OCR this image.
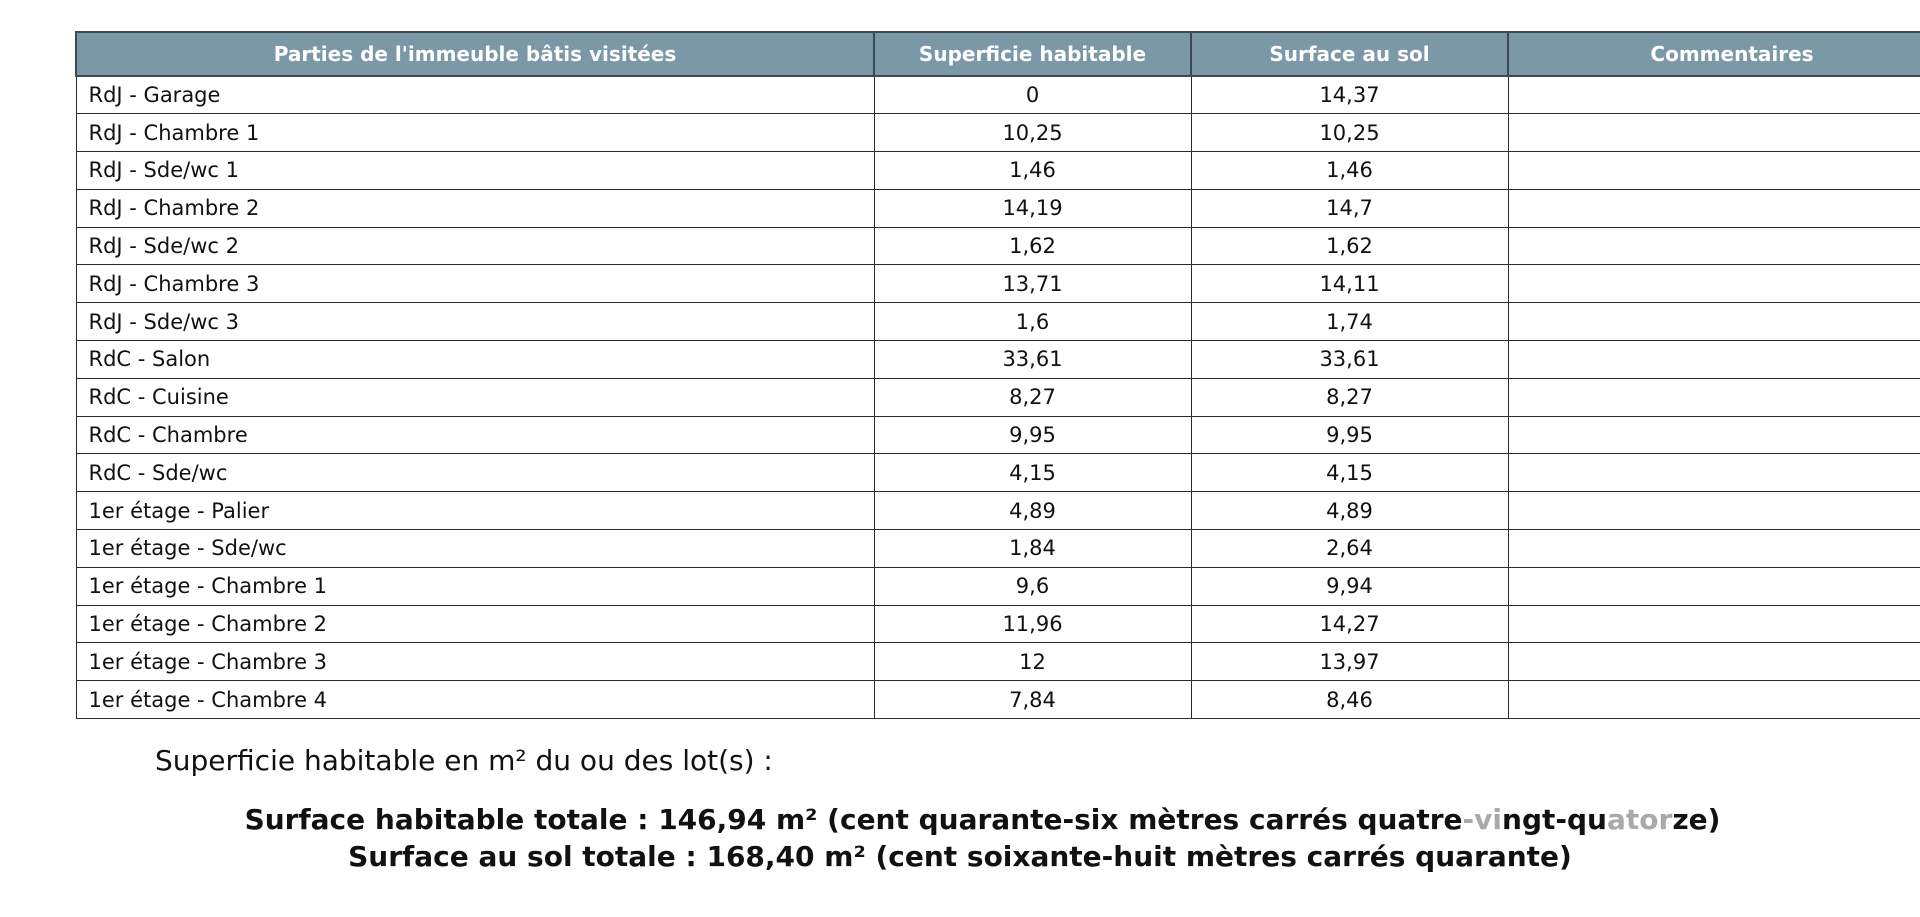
Parties de l'immeuble bâtis visitées	Superficie habitable	Surface au sol	Commentaires
RdJ - Garage	0	14,37	
RdJ - Chambre 1	10,25	10,25	
RdJ - Sde/wc 1	1,46	1,46	
RdJ - Chambre 2	14,19	14,7	
RdJ - Sde/wc 2	1,62	1,62	
RdJ - Chambre 3	13,71	14,11	
RdJ - Sde/wc 3	1,6	1,74	
RdC - Salon	33,61	33,61	
RdC - Cuisine	8,27	8,27	
RdC - Chambre	9,95	9,95	
RdC - Sde/wc	4,15	4,15	
1er étage - Palier	4,89	4,89	
1er étage - Sde/wc	1,84	2,64	
1er étage - Chambre 1	9,6	9,94	
1er étage - Chambre 2	11,96	14,27	
1er étage - Chambre 3	12	13,97	
1er étage - Chambre 4	7,84	8,46	
Superficie habitable en m² du ou des lot(s) :
Surface habitable totale : 146,94 m² (cent quarante-six mètres carrés quatre-vingt-quatorze)
Surface au sol totale : 168,40 m² (cent soixante-huit mètres carrés quarante)
